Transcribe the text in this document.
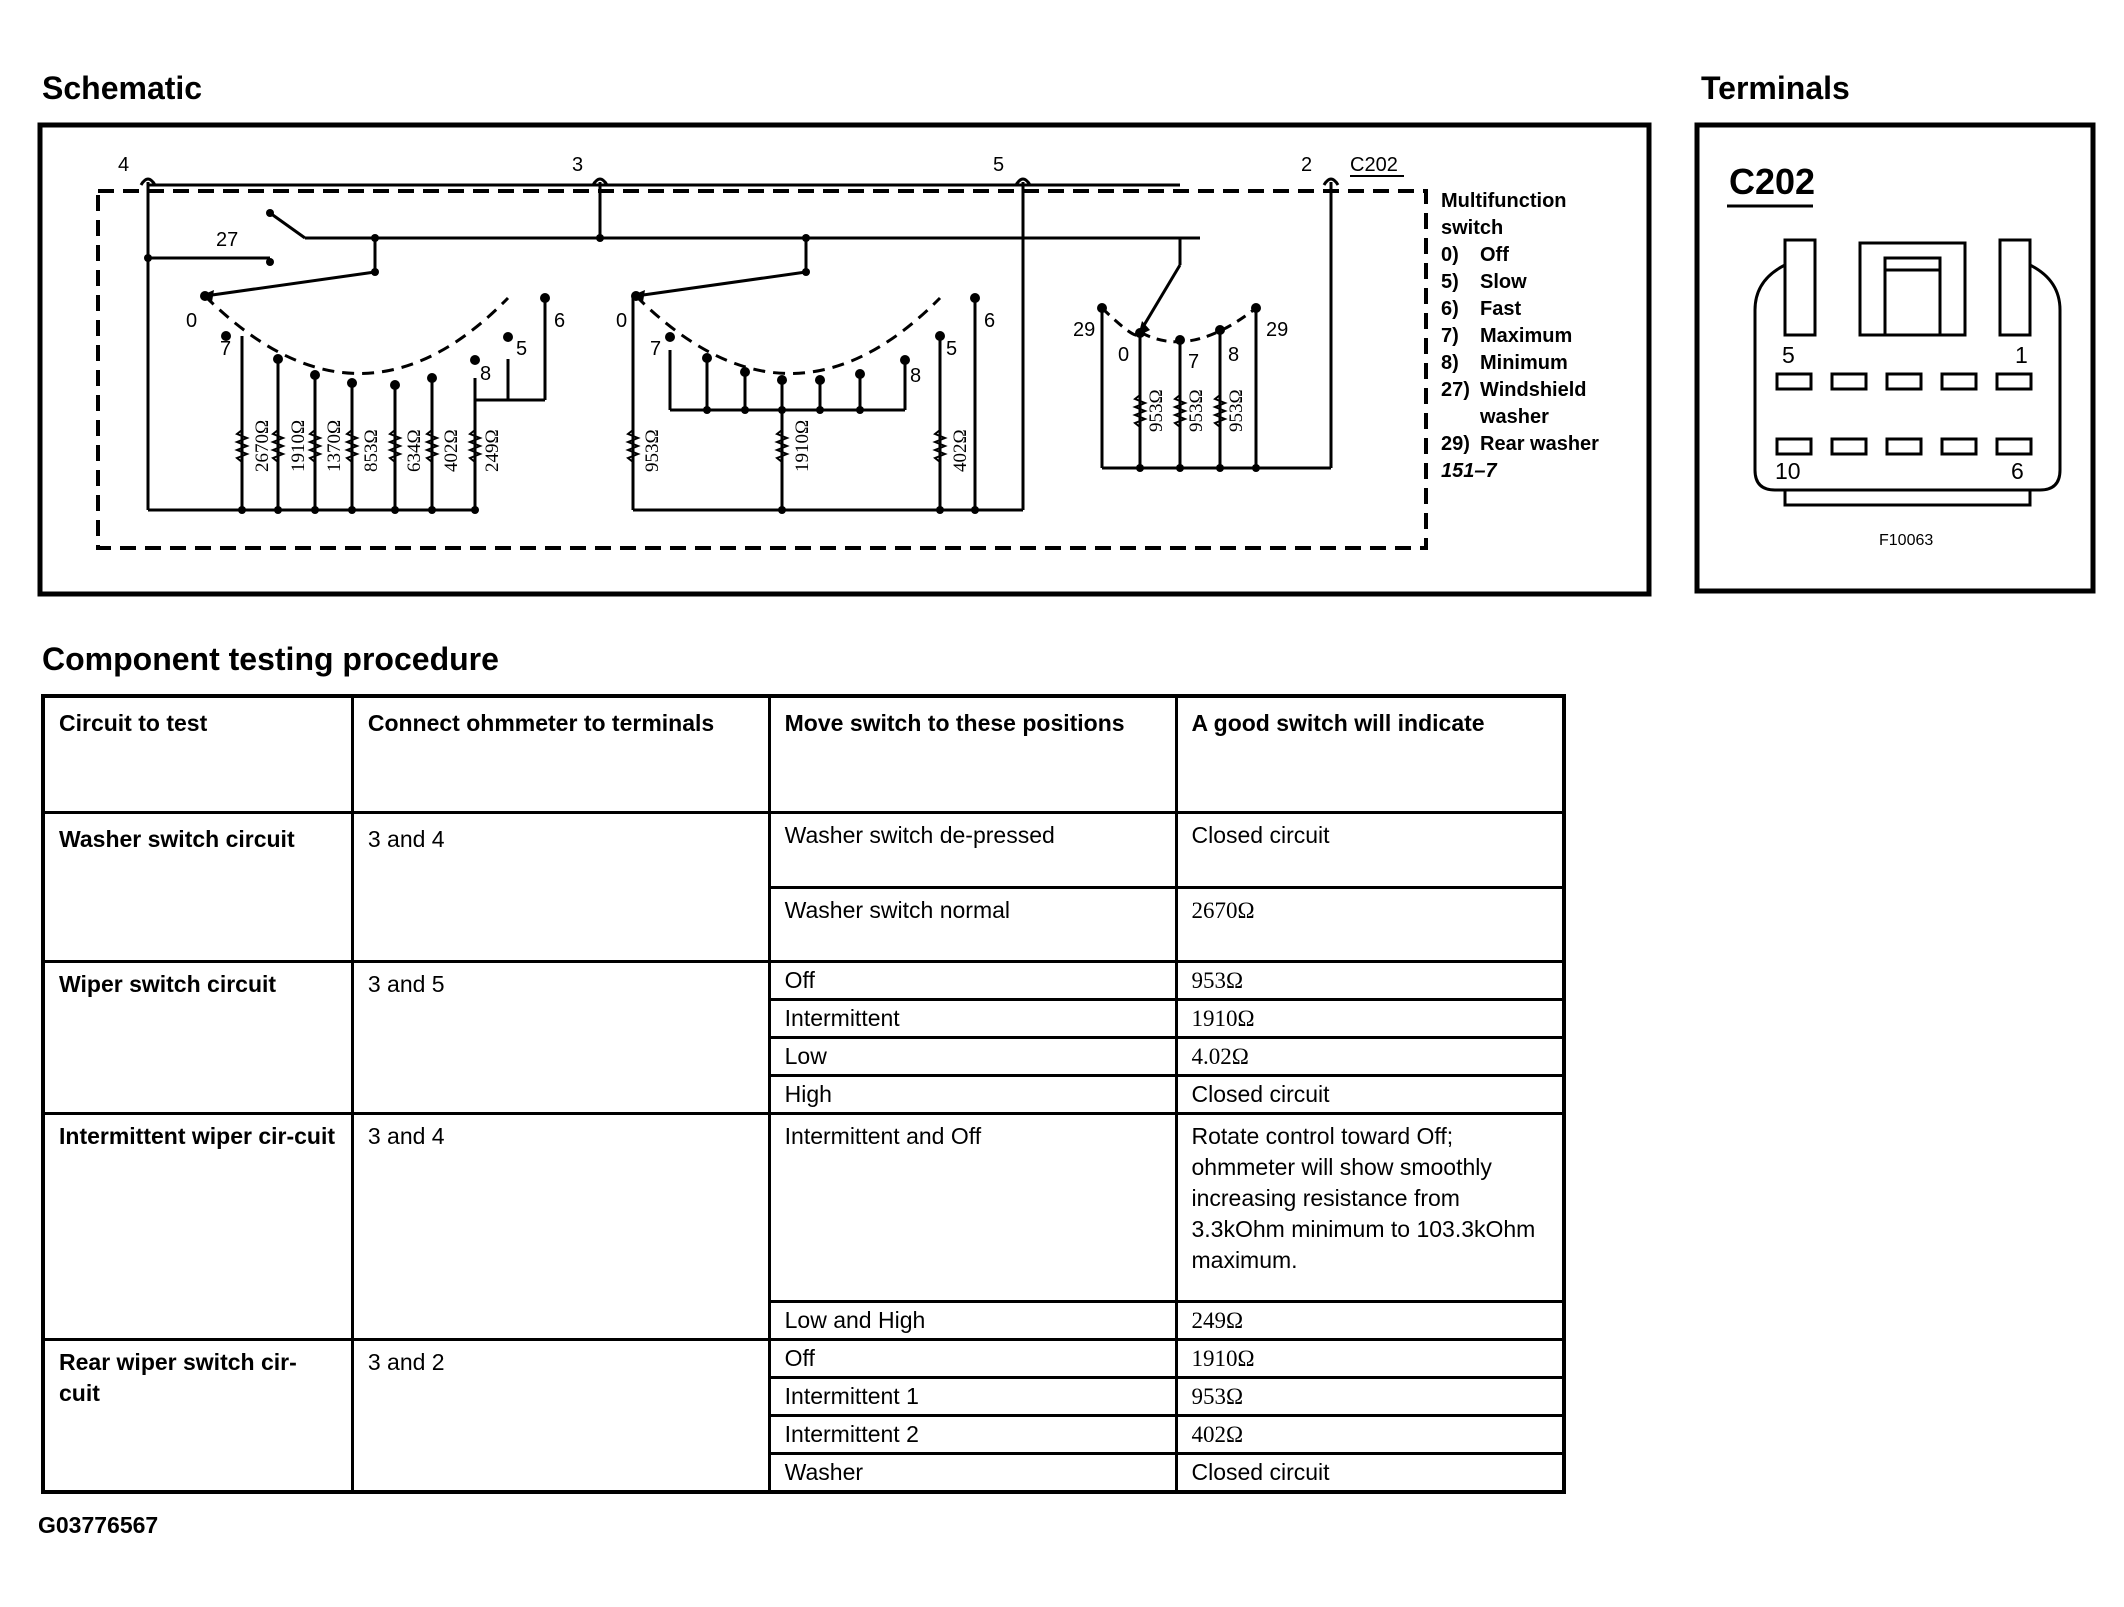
Schematic	Terminals
Component testing procedure
4	3	5	2 C202
0
7
6
5
8
2670Ω 1910Ω 1370Ω 853Ω 634Ω 402Ω 249Ω
27
0
7
6
5
8
953Ω	1910Ω	402Ω
29
0	7 8
29
953Ω 953Ω 953Ω
Multifunction
switch
0) Off
5) Slow
6) Fast
7) Maximum
8) Minimum
27) Windshield
washer
29) Rear washer
151–7
C202
5	1
10	6
F10063
Circuit to test	Connect ohmmeter to terminals	Move switch to these positions	A good switch will indicate
Washer switch circuit	3 and 4	Washer switch de-pressed	Closed circuit
		Washer switch normal	2670Ω
Wiper switch circuit	3 and 5	Off	953Ω
		Intermittent	1910Ω
		Low	4.02Ω
		High	Closed circuit
Intermittent wiper cir-cuit	3 and 4	Intermittent and Off	Rotate control toward Off; ohmmeter will show smoothly increasing resistance from 3.3kOhm minimum to 103.3kOhm maximum.
		Low and High	249Ω
Rear wiper switch cir-cuit	3 and 2	Off	1910Ω
		Intermittent 1	953Ω
		Intermittent 2	402Ω
		Washer	Closed circuit
G03776567
